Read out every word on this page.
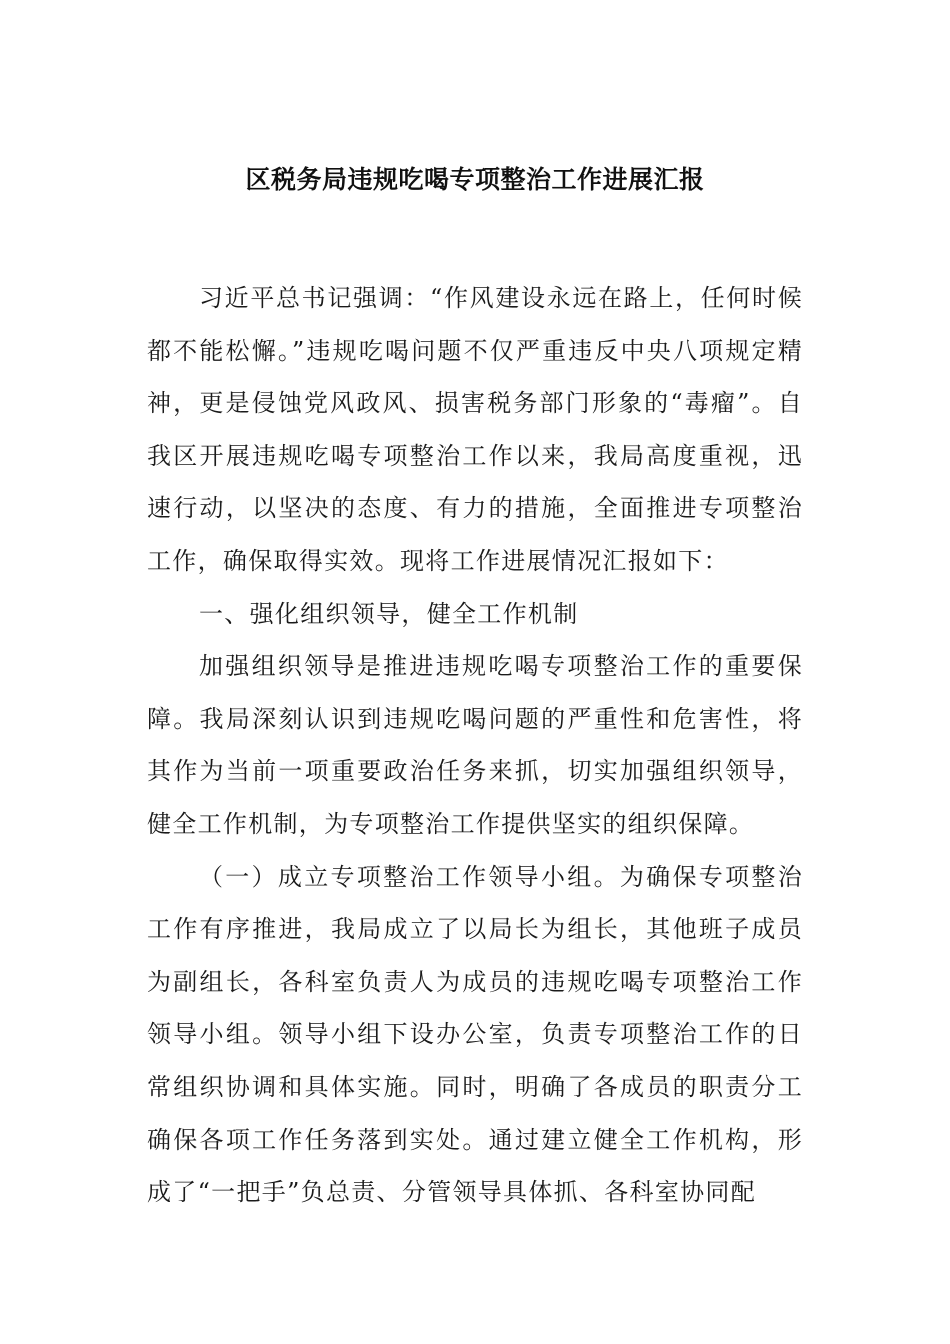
区税务局违规吃喝专项整治工作进展汇报

习近平总书记强调：“作风建设永远在路上，任何时候都不能松懈。”违规吃喝问题不仅严重违反中央八项规定精神，更是侵蚀党风政风、损害税务部门形象的“毒瘤”。自我区开展违规吃喝专项整治工作以来，我局高度重视，迅速行动，以坚决的态度、有力的措施，全面推进专项整治工作，确保取得实效。现将工作进展情况汇报如下：

一、强化组织领导，健全工作机制

加强组织领导是推进违规吃喝专项整治工作的重要保障。我局深刻认识到违规吃喝问题的严重性和危害性，将其作为当前一项重要政治任务来抓，切实加强组织领导，健全工作机制，为专项整治工作提供坚实的组织保障。

（一）成立专项整治工作领导小组。为确保专项整治工作有序推进，我局成立了以局长为组长，其他班子成员为副组长，各科室负责人为成员的违规吃喝专项整治工作领导小组。领导小组下设办公室，负责专项整治工作的日常组织协调和具体实施。同时，明确了各成员的职责分工确保各项工作任务落到实处。通过建立健全工作机构，形成了“一把手”负总责、分管领导具体抓、各科室协同配
